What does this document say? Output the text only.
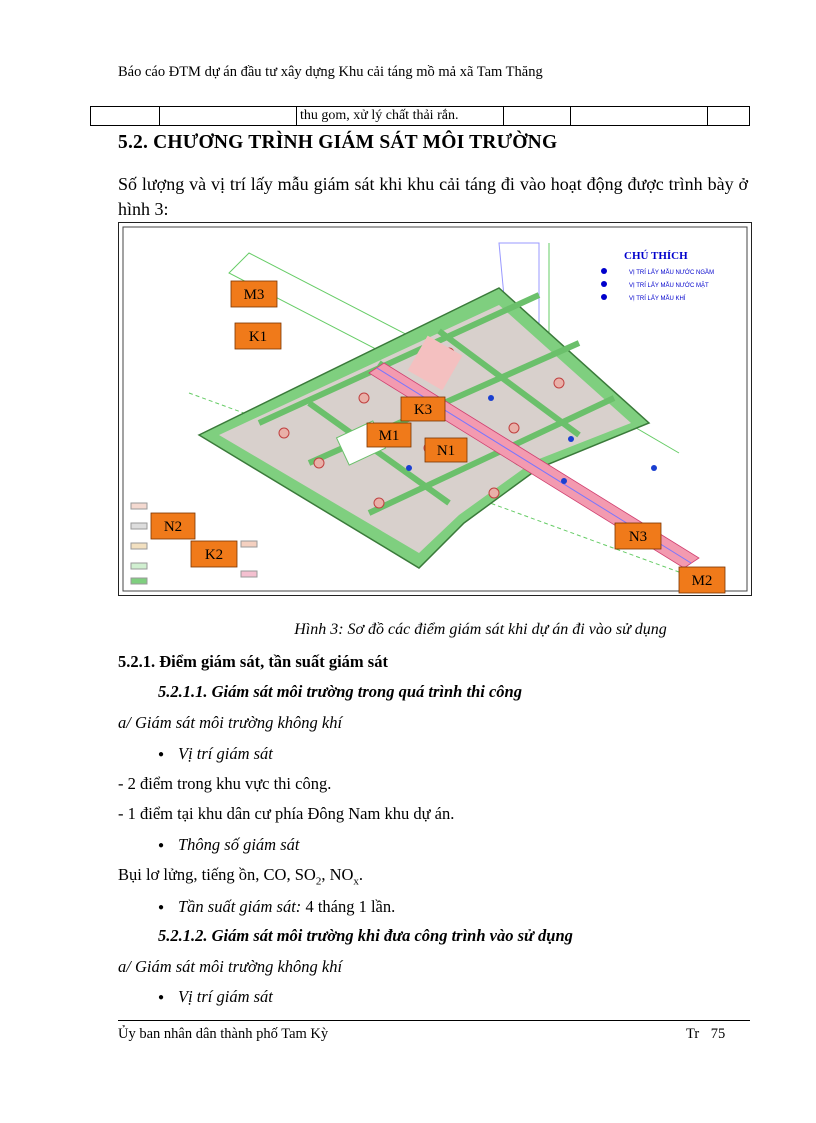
Báo cáo ĐTM dự án đầu tư xây dựng Khu cải táng mồ mả xã Tam Thăng
		thu gom, xử lý chất thải rắn.			
5.2. CHƯƠNG TRÌNH GIÁM SÁT MÔI TRƯỜNG
Số lượng và vị trí lấy mẫu giám sát khi khu cải táng đi vào hoạt động được trình bày ở hình 3:
CHÚ THÍCH
VỊ TRÍ LẤY MẪU NƯỚC NGẦM
VỊ TRÍ LẤY MẪU NƯỚC MẶT
VỊ TRÍ LẤY MẪU KHÍ
M3
K1
K3
M1
N1
N2
K2
N3
M2
Hình 3: Sơ đồ các điểm giám sát khi dự án đi vào sử dụng
5.2.1. Điểm giám sát, tần suất giám sát
5.2.1.1. Giám sát môi trường trong quá trình thi công
a/ Giám sát môi trường không khí
● Vị trí giám sát
- 2 điểm trong khu vực thi công.
- 1 điểm tại khu dân cư phía Đông Nam khu dự án.
● Thông số giám sát
Bụi lơ lửng, tiếng ồn, CO, $SO_2$, $NO_x$.
● Tần suất giám sát: 4 tháng 1 lần.
5.2.1.2. Giám sát môi trường khi đưa công trình vào sử dụng
a/ Giám sát môi trường không khí
● Vị trí giám sát
Ủy ban nhân dân thành phố Tam Kỳ	Tr 75
